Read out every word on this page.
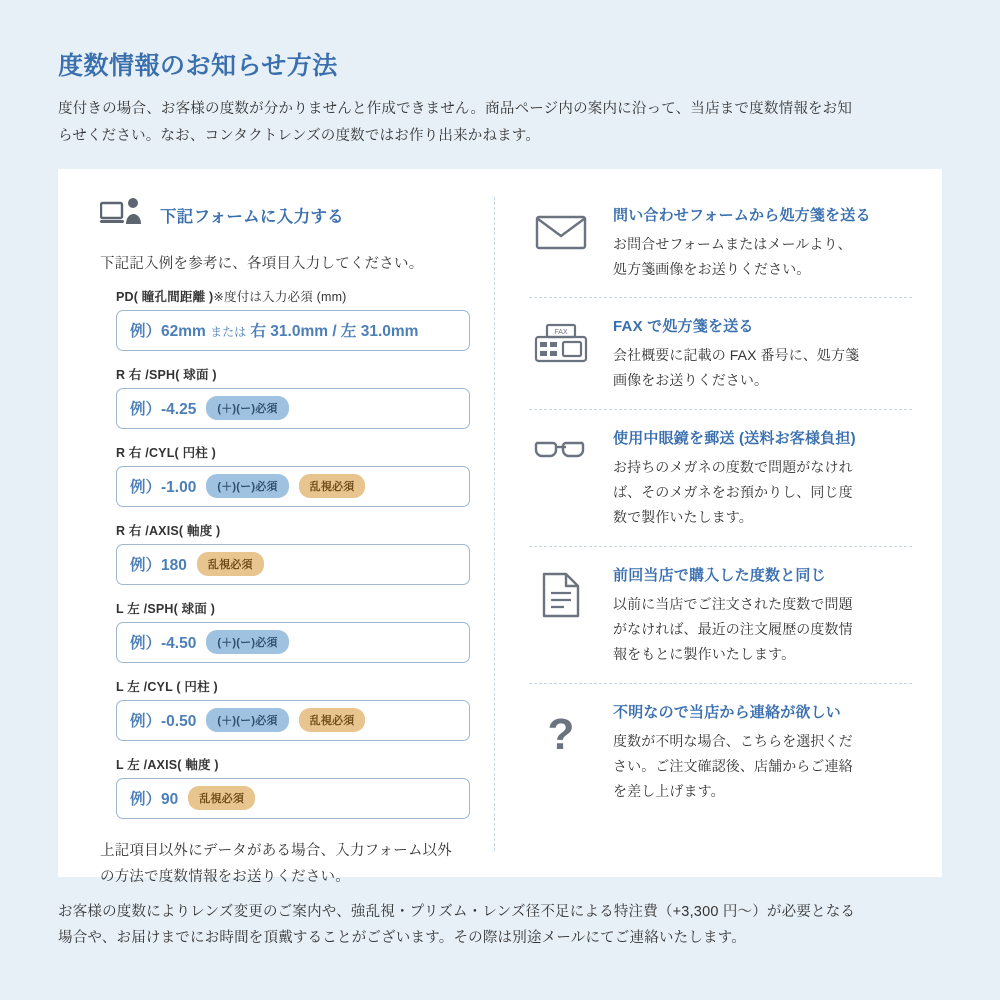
度数情報のお知らせ方法

度付きの場合、お客様の度数が分かりませんと作成できません。商品ページ内の案内に沿って、当店まで度数情報をお知
らせください。なお、コンタクトレンズの度数ではお作り出来かねます。

下記フォームに入力する
下記記入例を参考に、各項目入力してください。
PD( 瞳孔間距離 )※度付は入力必須 (mm)
例）62mm または 右 31.0mm / 左 31.0mm
R 右 /SPH( 球面 )
例）-4.25	(＋)(ー)必須
R 右 /CYL( 円柱 )
例）-1.00	(＋)(ー)必須	乱視必須
R 右 /AXIS( 軸度 )
例）180	乱視必須
L 左 /SPH( 球面 )
例）-4.50	(＋)(ー)必須
L 左 /CYL ( 円柱 )
例）-0.50	(＋)(ー)必須	乱視必須
L 左 /AXIS( 軸度 )
例）90	乱視必須
上記項目以外にデータがある場合、入力フォーム以外
の方法で度数情報をお送りください。
問い合わせフォームから処方箋を送る
お問合せフォームまたはメールより、
処方箋画像をお送りください。
FAX	FAX で処方箋を送る
会社概要に記載の FAX 番号に、処方箋
画像をお送りください。
使用中眼鏡を郵送 (送料お客様負担)
お持ちのメガネの度数で問題がなけれ
ば、そのメガネをお預かりし、同じ度
数で製作いたします。
前回当店で購入した度数と同じ
以前に当店でご注文された度数で問題
がなければ、最近の注文履歴の度数情
報をもとに製作いたします。
?	不明なので当店から連絡が欲しい
度数が不明な場合、こちらを選択くだ
さい。ご注文確認後、店舗からご連絡
を差し上げます。
お客様の度数によりレンズ変更のご案内や、強乱視・プリズム・レンズ径不足による特注費（+3,300 円～）が必要となる
場合や、お届けまでにお時間を頂戴することがございます。その際は別途メールにてご連絡いたします。
